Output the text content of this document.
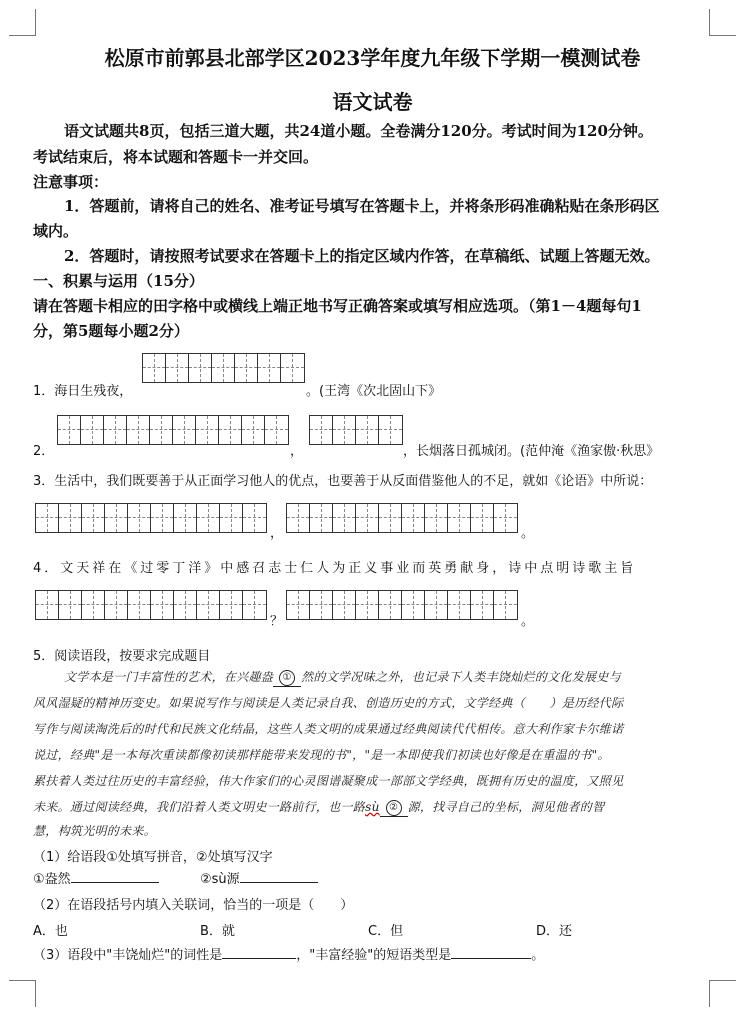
松原市前郭县北部学区2023学年度九年级下学期一模测试卷
语文试卷
语文试题共8页，包括三道大题，共24道小题。全卷满分120分。考试时间为120分钟。
考试结束后，将本试题和答题卡一并交回。
注意事项：
1．答题前，请将自己的姓名、准考证号填写在答题卡上，并将条形码准确粘贴在条形码区
域内。
2．答题时，请按照考试要求在答题卡上的指定区域内作答，在草稿纸、试题上答题无效。
一、积累与运用（15分）
请在答题卡相应的田字格中或横线上端正地书写正确答案或填写相应选项。（第1－4题每句1
分，第5题每小题2分）
1．海日生残夜，	。(王湾《次北固山下》
2．	，	，长烟落日孤城闭。(范仲淹《渔家傲·秋思》
3．生活中，我们既要善于从正面学习他人的优点，也要善于从反面借鉴他人的不足，就如《论语》中所说：
，	。
4．文天祥在《过零丁洋》中感召志士仁人为正义事业而英勇献身，诗中点明诗歌主旨
？	。
5．阅读语段，按要求完成题目
文学本是一门丰富性的艺术，在兴趣盎 ① 然的文学况味之外，也记录下人类丰饶灿烂的文化发展史与
风风湿疑的精神历变史。如果说写作与阅读是人类记录自我、创造历史的方式，文学经典（　　）是历经代际
写作与阅读淘洗后的时代和民族文化结晶，这些人类文明的成果通过经典阅读代代相传。意大利作家卡尔维诺
说过，经典"是一本每次重读都像初读那样能带来发现的书"，"是一本即使我们初读也好像是在重温的书"。
累扶着人类过往历史的丰富经验，伟大作家们的心灵图谱凝聚成一部部文学经典，既拥有历史的温度，又照见
未来。通过阅读经典，我们沿着人类文明史一路前行，也一路sù ② 源，找寻自己的坐标，洞见他者的智
慧，构筑光明的未来。
（1）给语段①处填写拼音，②处填写汉字
①盎然	②sù源
（2）在语段括号内填入关联词，恰当的一项是（　　）
A．也	B．就	C．但	D．还
（3）语段中"丰饶灿烂"的词性是	，"丰富经验"的短语类型是	。
